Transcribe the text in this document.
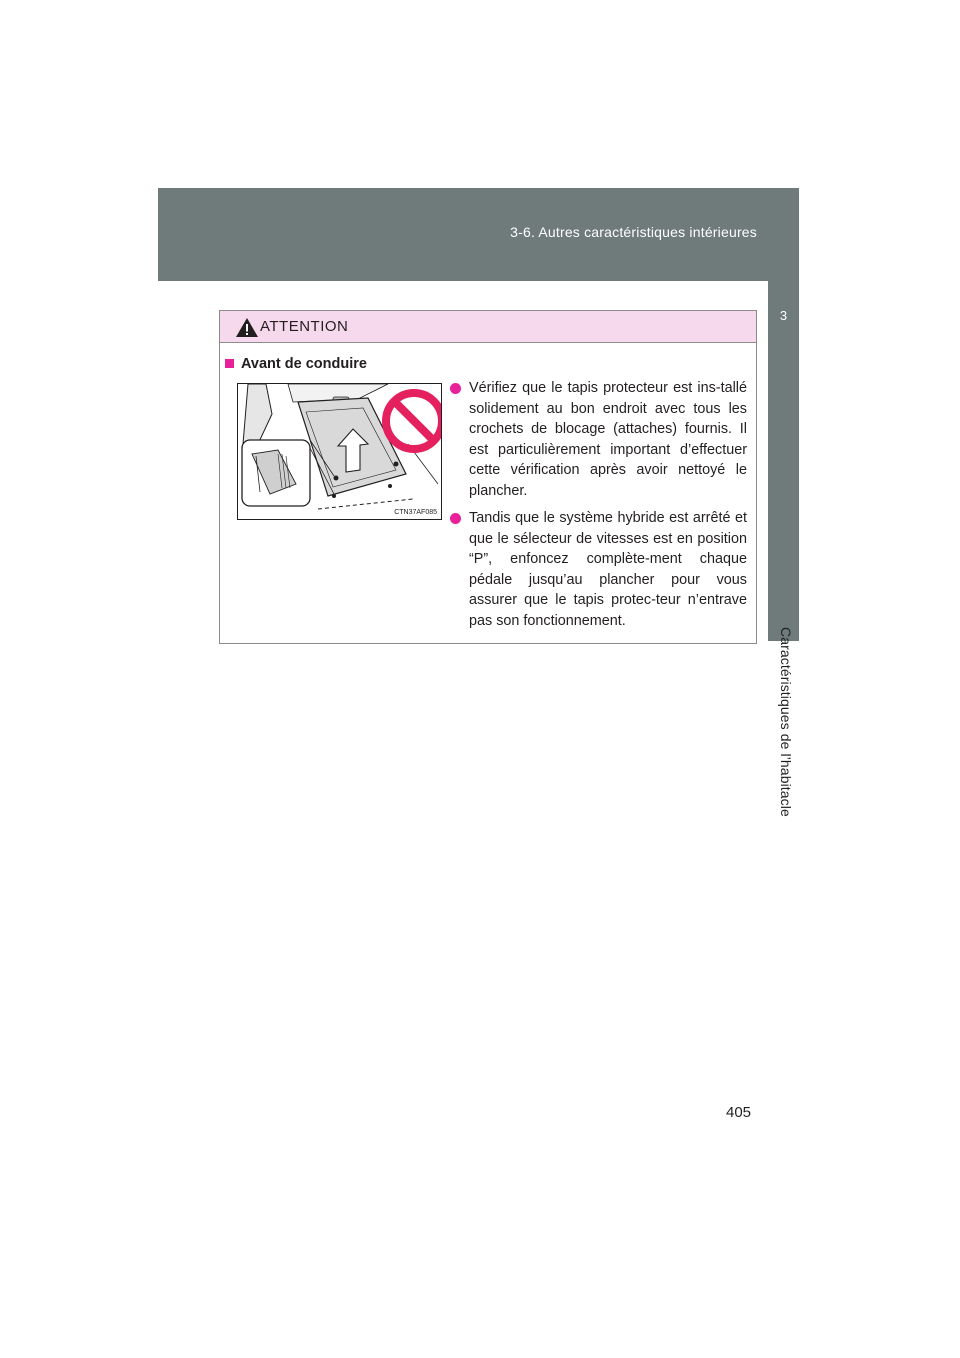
3-6. Autres caractéristiques intérieures
3
Caractéristiques de l’habitacle
ATTENTION
Avant de conduire
CTN37AF085
Vérifiez que le tapis protecteur est ins-tallé solidement au bon endroit avec tous les crochets de blocage (attaches) fournis. Il est particulièrement important d’effectuer cette vérification après avoir nettoyé le plancher.
Tandis que le système hybride est arrêté et que le sélecteur de vitesses est en position “P”, enfoncez complète-ment chaque pédale jusqu’au plancher pour vous assurer que le tapis protec-teur n’entrave pas son fonctionnement.
405
